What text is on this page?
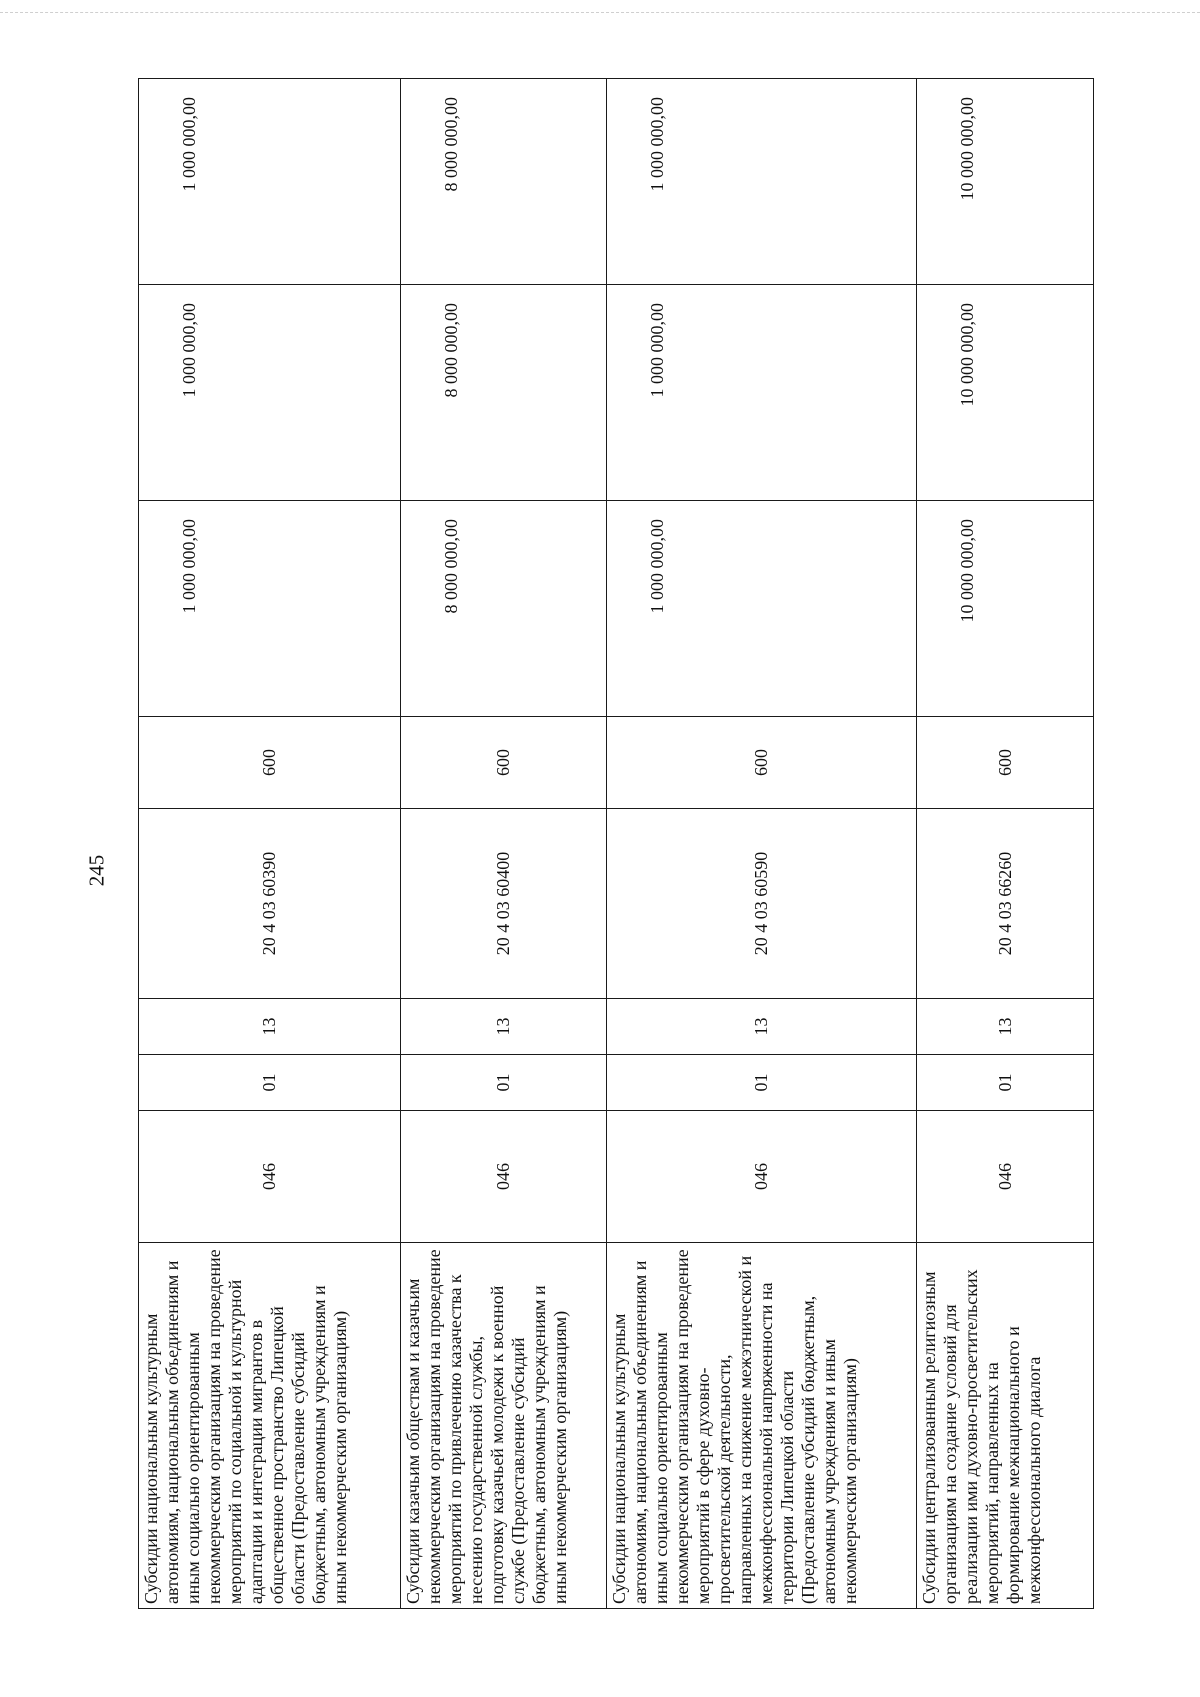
245
Субсидии национальным культурным автономиям, национальным объединениям и иным социально ориентированным некоммерческим организациям на проведение мероприятий по социальной и культурной адаптации и интеграции мигрантов в общественное пространство Липецкой области (Предоставление субсидий бюджетным, автономным учреждениям и иным некоммерческим организациям)	046	01	13	20 4 03 60390	600	1 000 000,00	1 000 000,00	1 000 000,00
Субсидии казачьим обществам и казачьим некоммерческим организациям на проведение мероприятий по привлечению казачества к несению государственной службы, подготовку казачьей молодежи к военной службе (Предоставление субсидий бюджетным, автономным учреждениям и иным некоммерческим организациям)	046	01	13	20 4 03 60400	600	8 000 000,00	8 000 000,00	8 000 000,00
Субсидии национальным культурным автономиям, национальным объединениям и иным социально ориентированным некоммерческим организациям на проведение мероприятий в сфере духовно-просветительской деятельности, направленных на снижение межэтнической и межконфессиональной напряженности на территории Липецкой области (Предоставление субсидий бюджетным, автономным учреждениям и иным некоммерческим организациям)	046	01	13	20 4 03 60590	600	1 000 000,00	1 000 000,00	1 000 000,00
Субсидии централизованным религиозным организациям на создание условий для реализации ими духовно-просветительских мероприятий, направленных на формирование межнационального и межконфессионального диалога	046	01	13	20 4 03 66260	600	10 000 000,00	10 000 000,00	10 000 000,00
